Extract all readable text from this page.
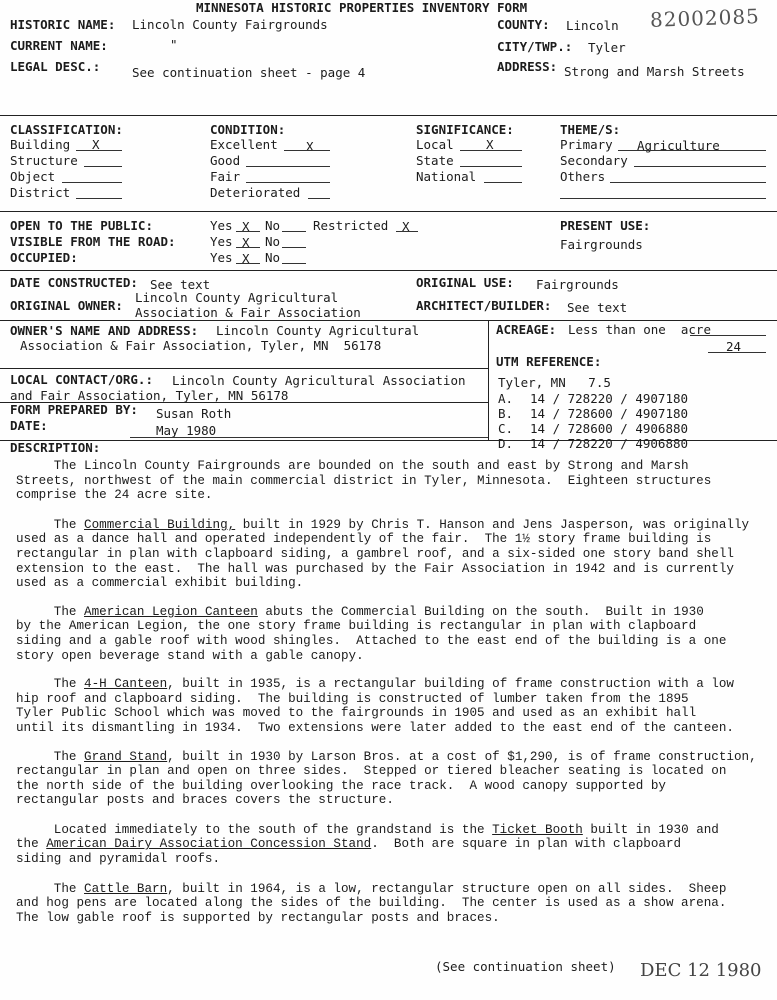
MINNESOTA HISTORIC PROPERTIES INVENTORY FORM	82002085
HISTORIC NAME: Lincoln County Fairgrounds	COUNTY: Lincoln
CURRENT NAME:	"	CITY/TWP.: Tyler
LEGAL DESC.:	See continuation sheet - page 4	ADDRESS: Strong and Marsh Streets
CLASSIFICATION:
Building X
Structure
Object
District
CONDITION:
Excellent X
Good
Fair
Deteriorated
SIGNIFICANCE:
Local	X
State
National
THEME/S:
Primary Agriculture
Secondary
Others
OPEN TO THE PUBLIC:	Yes X No	Restricted X
VISIBLE FROM THE ROAD:	Yes X No
OCCUPIED:	Yes X No
PRESENT USE:
Fairgrounds
DATE CONSTRUCTED: See text	ORIGINAL USE: Fairgrounds
ORIGINAL OWNER:
Lincoln County Agricultural
Association & Fair Association	ARCHITECT/BUILDER: See text
OWNER'S NAME AND ADDRESS: Lincoln County Agricultural
Association & Fair Association, Tyler, MN  56178
ACREAGE: Less than one  acre
24
UTM REFERENCE:
Tyler, MN   7.5
A. 14 / 728220 / 4907180
B. 14 / 728600 / 4907180
C. 14 / 728600 / 4906880
D. 14 / 728220 / 4906880
LOCAL CONTACT/ORG.: Lincoln County Agricultural Association
and Fair Association, Tyler, MN 56178
FORM PREPARED BY: Susan Roth
DATE:	May 1980
DESCRIPTION:

The Lincoln County Fairgrounds are bounded on the south and east by Strong and Marsh

Streets, northwest of the main commercial district in Tyler, Minnesota.  Eighteen structures

comprise the 24 acre site.

The Commercial Building, built in 1929 by Chris T. Hanson and Jens Jasperson, was originally

used as a dance hall and operated independently of the fair.  The 1½ story frame building is

rectangular in plan with clapboard siding, a gambrel roof, and a six-sided one story band shell

extension to the east.  The hall was purchased by the Fair Association in 1942 and is currently

used as a commercial exhibit building.

The American Legion Canteen abuts the Commercial Building on the south.  Built in 1930

by the American Legion, the one story frame building is rectangular in plan with clapboard

siding and a gable roof with wood shingles.  Attached to the east end of the building is a one

story open beverage stand with a gable canopy.

The 4-H Canteen, built in 1935, is a rectangular building of frame construction with a low

hip roof and clapboard siding.  The building is constructed of lumber taken from the 1895

Tyler Public School which was moved to the fairgrounds in 1905 and used as an exhibit hall

until its dismantling in 1934.  Two extensions were later added to the east end of the canteen.

The Grand Stand, built in 1930 by Larson Bros. at a cost of $1,290, is of frame construction,

rectangular in plan and open on three sides.  Stepped or tiered bleacher seating is located on

the north side of the building overlooking the race track.  A wood canopy supported by

rectangular posts and braces covers the structure.

Located immediately to the south of the grandstand is the Ticket Booth built in 1930 and

the American Dairy Association Concession Stand.  Both are square in plan with clapboard

siding and pyramidal roofs.

The Cattle Barn, built in 1964, is a low, rectangular structure open on all sides.  Sheep

and hog pens are located along the sides of the building.  The center is used as a show arena.

The low gable roof is supported by rectangular posts and braces.

(See continuation sheet) DEC 12 1980
